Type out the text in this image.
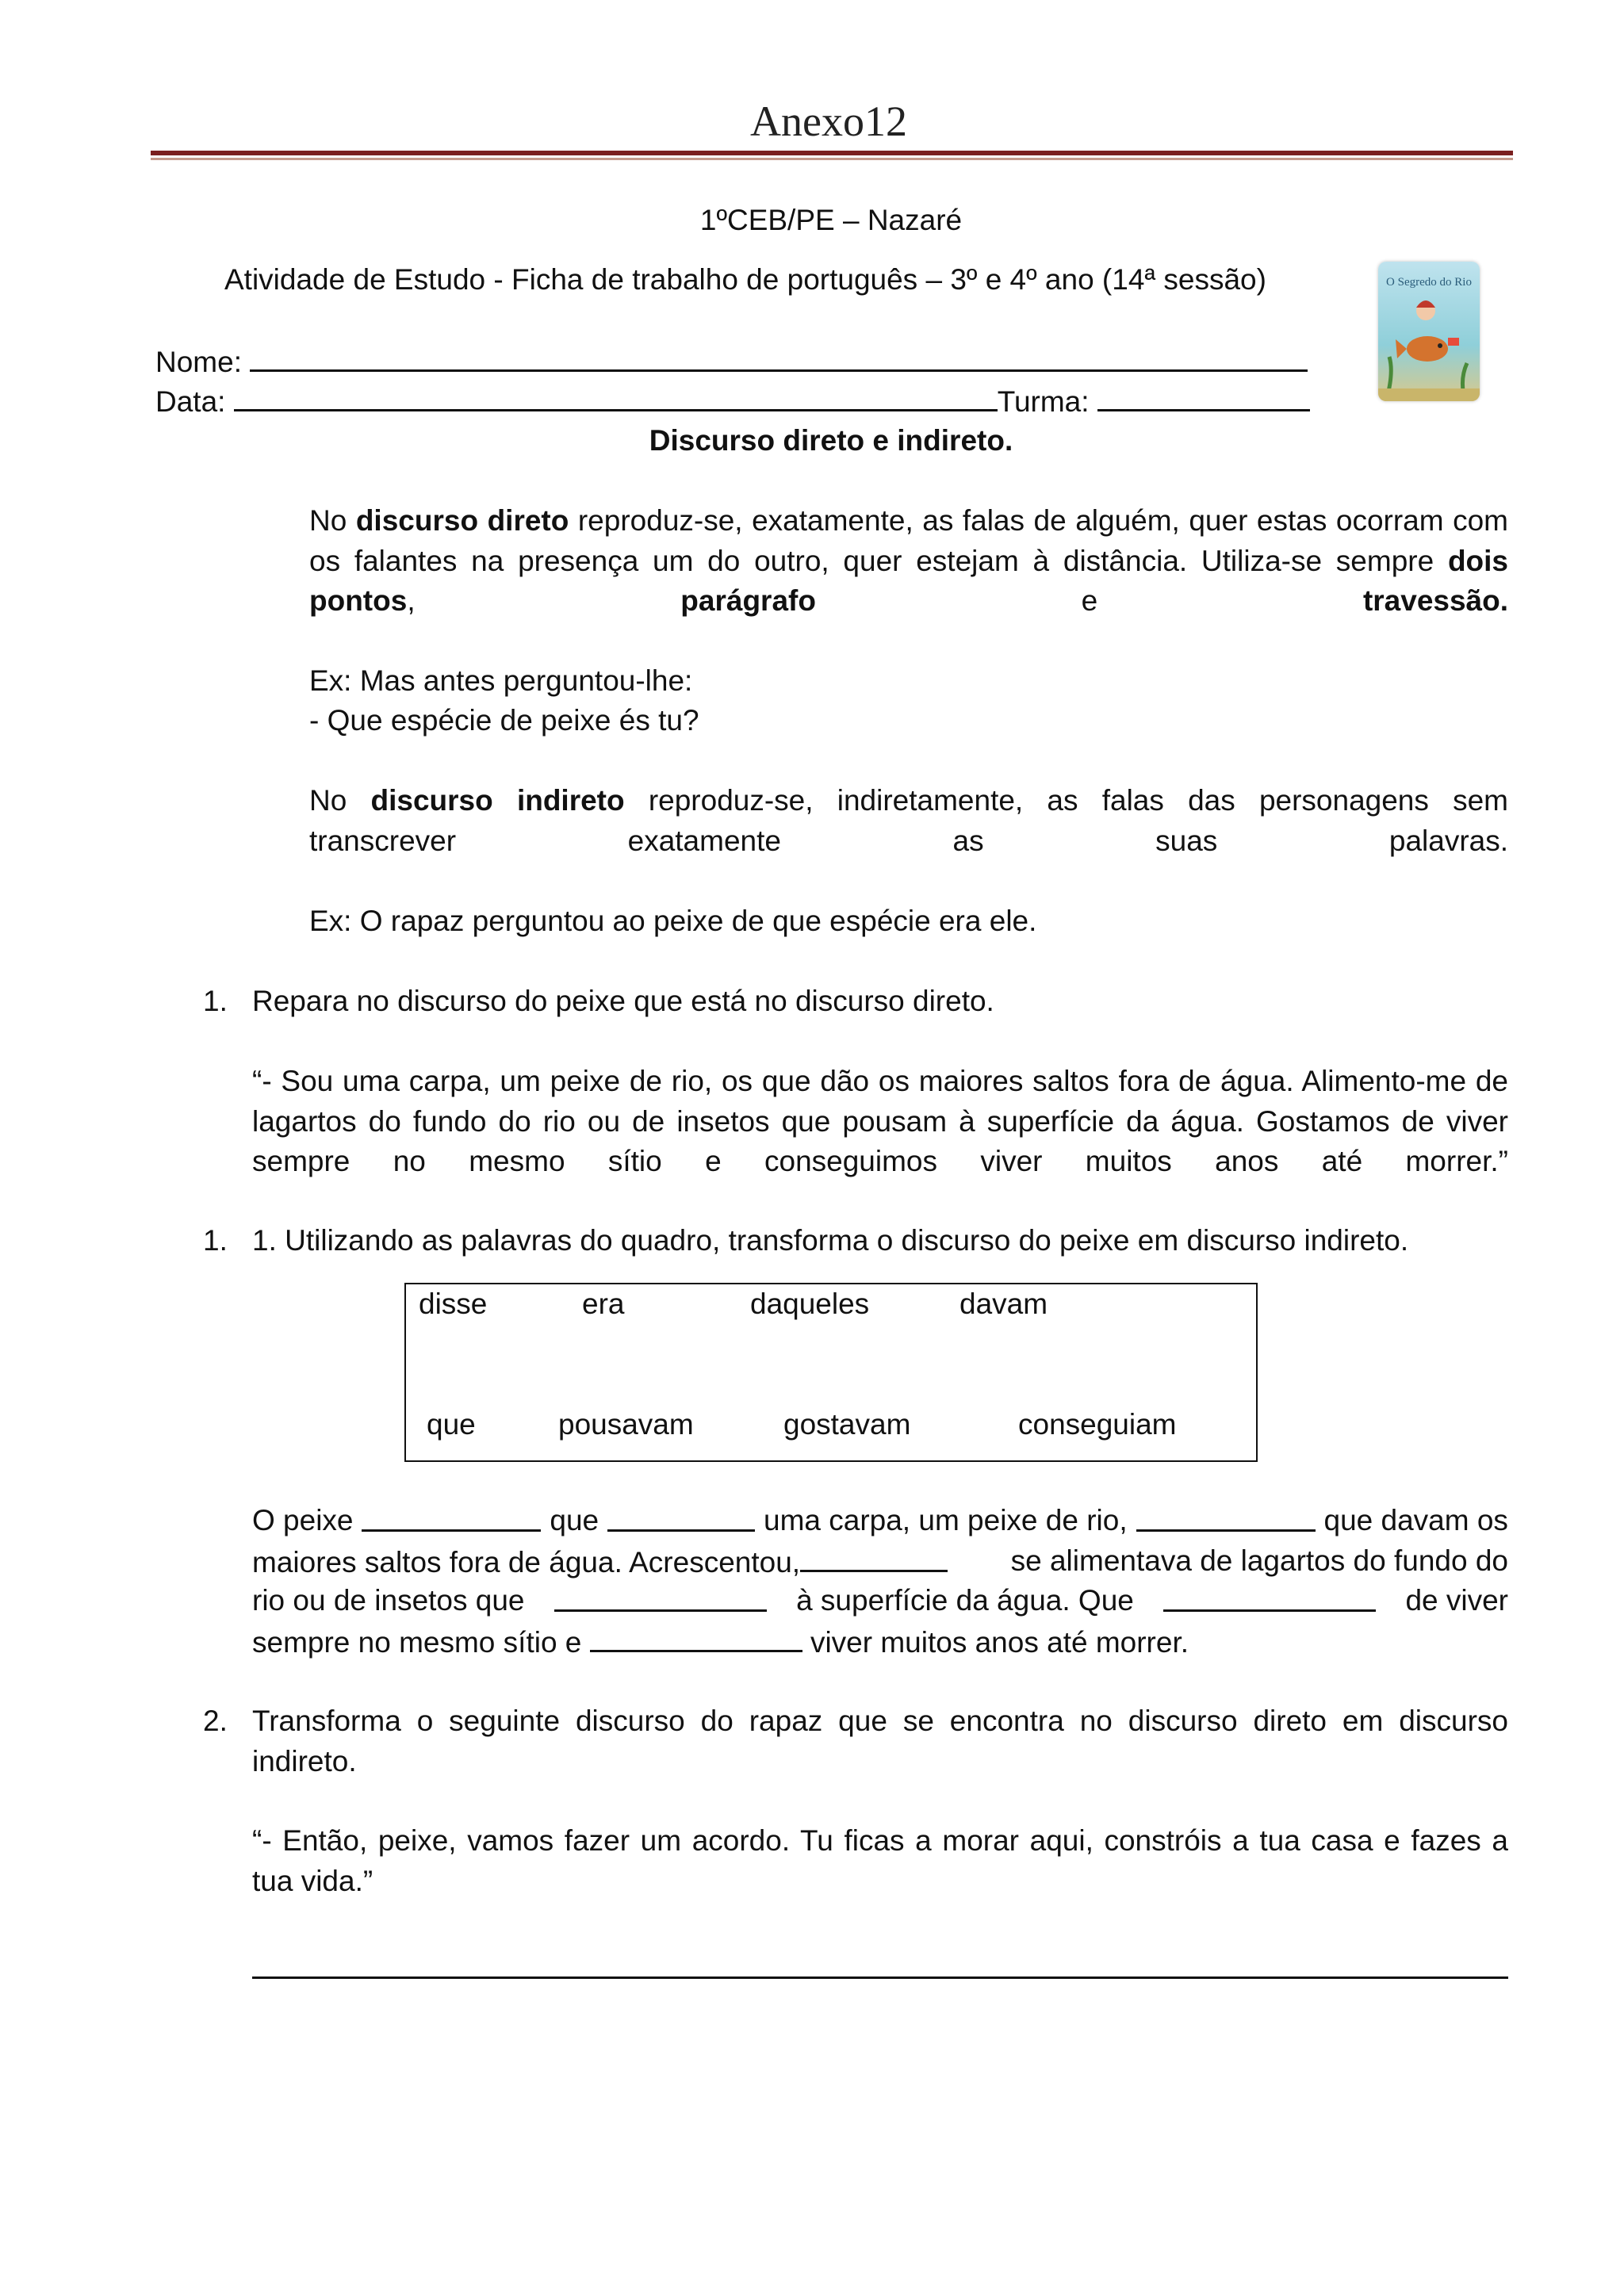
Anexo12
1ºCEB/PE – Nazaré
Atividade de Estudo - Ficha de trabalho de português – 3º e 4º ano (14ª sessão)	O Segredo do Rio
Nome:
Data:	Turma:
Discurso direto e indireto.
No discurso direto reproduz-se, exatamente, as falas de alguém, quer estas ocorram com os falantes na presença um do outro, quer estejam à distância. Utiliza-se sempre dois pontos, parágrafo e travessão.
Ex: Mas antes perguntou-lhe:
- Que espécie de peixe és tu?
No discurso indireto reproduz-se, indiretamente, as falas das personagens sem transcrever exatamente as suas palavras.
Ex: O rapaz perguntou ao peixe de que espécie era ele.
1. Repara no discurso do peixe que está no discurso direto.
“- Sou uma carpa, um peixe de rio, os que dão os maiores saltos fora de água. Alimento-me de lagartos do fundo do rio ou de insetos que pousam à superfície da água. Gostamos de viver sempre no mesmo sítio e conseguimos viver muitos anos até morrer.”
1. 1. Utilizando as palavras do quadro, transforma o discurso do peixe em discurso indireto.
disse	era	daqueles	davam
que	pousavam	gostavam	conseguiam
O peixe	que	uma carpa, um peixe de rio,	que davam os
maiores saltos fora de água. Acrescentou,	se alimentava de lagartos do fundo do
rio ou de insetos que	à superfície da água. Que	de viver
sempre no mesmo sítio e	viver muitos anos até morrer.
2. Transforma o seguinte discurso do rapaz que se encontra no discurso direto em discurso indireto.
“- Então, peixe, vamos fazer um acordo. Tu ficas a morar aqui, constróis a tua casa e fazes a tua vida.”
